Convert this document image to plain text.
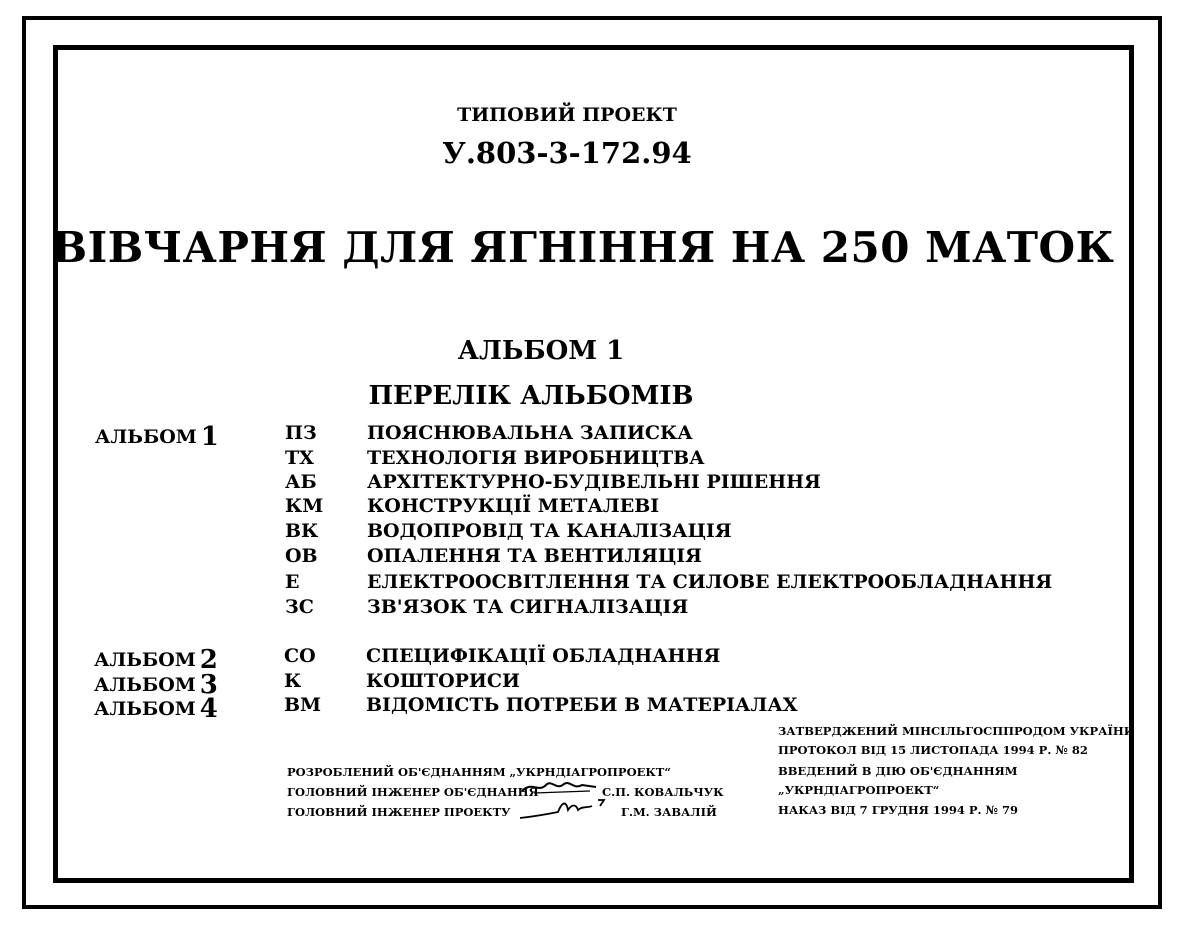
ТИПОВИЙ ПРОЕКТ
У.803-3-172.94
ВІВЧАРНЯ ДЛЯ ЯГНІННЯ НА 250 МАТОК
АЛЬБОМ 1
ПЕРЕЛІК АЛЬБОМІВ
АЛЬБОМ 1	ПЗ	ПОЯСНЮВАЛЬНА ЗАПИСКА
ТХ	ТЕХНОЛОГІЯ ВИРОБНИЦТВА
АБ	АРХІТЕКТУРНО-БУДІВЕЛЬНІ РІШЕННЯ
КМ КОНСТРУКЦІЇ МЕТАЛЕВІ
ВК	ВОДОПРОВІД ТА КАНАЛІЗАЦІЯ
ОВ	ОПАЛЕННЯ ТА ВЕНТИЛЯЦІЯ
Е	ЕЛЕКТРООСВІТЛЕННЯ ТА СИЛОВЕ ЕЛЕКТРООБЛАДНАННЯ
ЗС	ЗВ'ЯЗОК ТА СИГНАЛІЗАЦІЯ
АЛЬБОМ 2	СО	СПЕЦИФІКАЦІЇ ОБЛАДНАННЯ
АЛЬБОМ 3	К	КОШТОРИСИ
АЛЬБОМ 4	ВМ ВІДОМІСТЬ ПОТРЕБИ В МАТЕРІАЛАХ
ЗАТВЕРДЖЕНИЙ МІНСІЛЬГОСППРОДОМ УКРАЇНИ
ПРОТОКОЛ ВІД 15 ЛИСТОПАДА 1994 Р. № 82
ВВЕДЕНИЙ В ДІЮ ОБ'ЄДНАННЯМ
„УКРНДІАГРОПРОЕКТ“
НАКАЗ ВІД 7 ГРУДНЯ 1994 Р. № 79
РОЗРОБЛЕНИЙ ОБ'ЄДНАННЯМ „УКРНДІАГРОПРОЕКТ“
ГОЛОВНИЙ ІНЖЕНЕР ОБ'ЄДНАННЯ	С.П. КОВАЛЬЧУК
ГОЛОВНИЙ ІНЖЕНЕР ПРОЕКТУ	Г.М. ЗАВАЛІЙ
